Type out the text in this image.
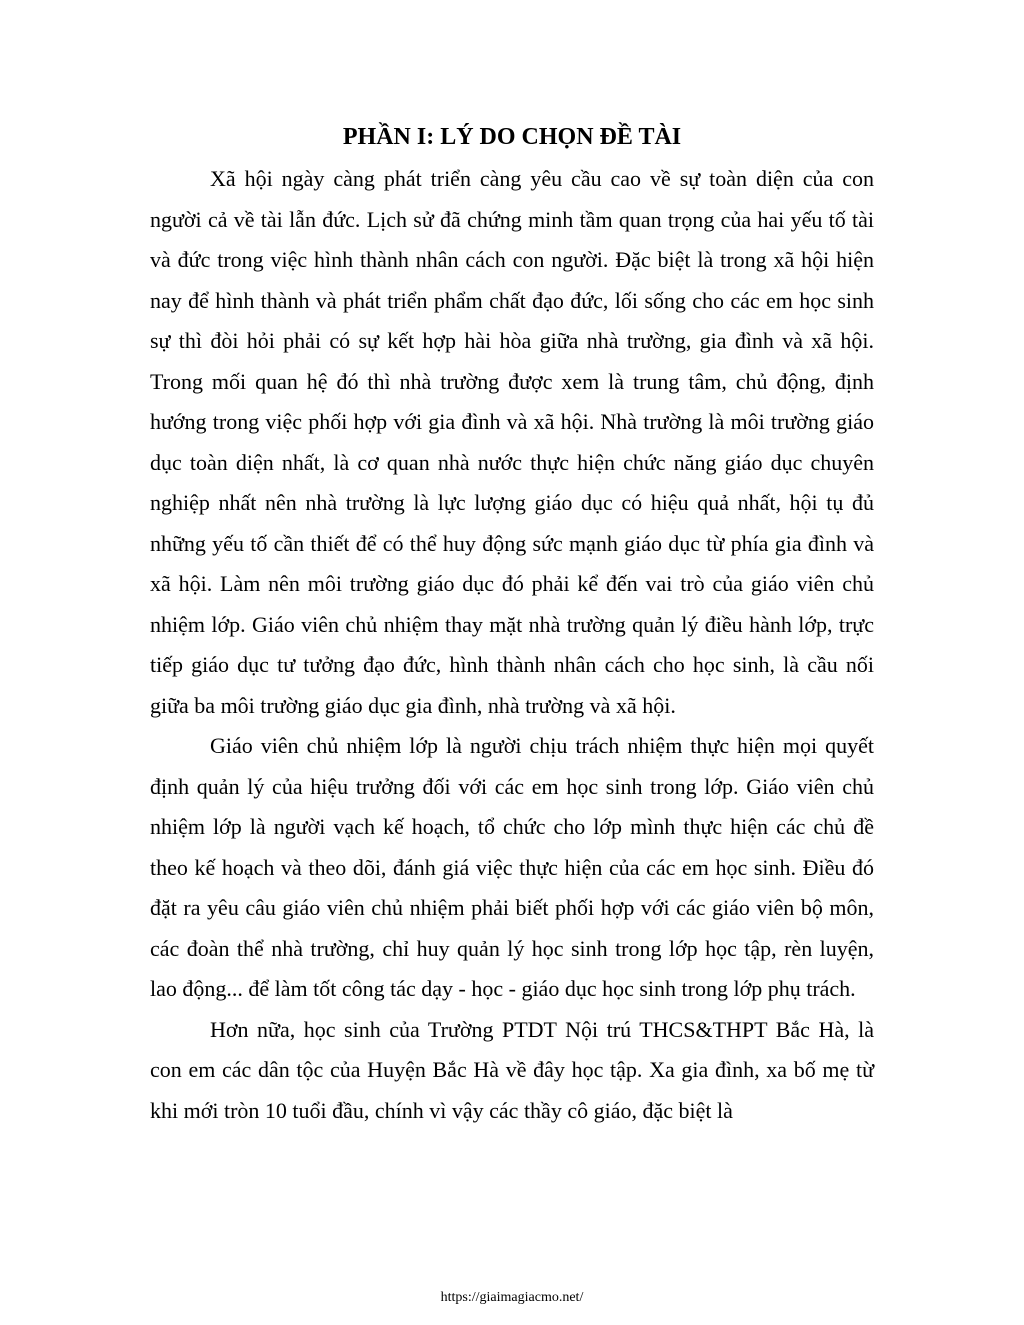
PHẦN I: LÝ DO CHỌN ĐỀ TÀI

Xã hội ngày càng phát triển càng yêu cầu cao về sự toàn diện của con người cả về tài lẫn đức. Lịch sử đã chứng minh tầm quan trọng của hai yếu tố tài và đức trong việc hình thành nhân cách con người. Đặc biệt là trong xã hội hiện nay để hình thành và phát triển phẩm chất đạo đức, lối sống cho các em học sinh sự thì đòi hỏi phải có sự kết hợp hài hòa giữa nhà trường, gia đình và xã hội. Trong mối quan hệ đó thì nhà trường được xem là trung tâm, chủ động, định hướng trong việc phối hợp với gia đình và xã hội. Nhà trường là môi trường giáo dục toàn diện nhất, là cơ quan nhà nước thực hiện chức năng giáo dục chuyên nghiệp nhất nên nhà trường là lực lượng giáo dục có hiệu quả nhất, hội tụ đủ những yếu tố cần thiết để có thể huy động sức mạnh giáo dục từ phía gia đình và xã hội. Làm nên môi trường giáo dục đó phải kể đến vai trò của giáo viên chủ nhiệm lớp. Giáo viên chủ nhiệm thay mặt nhà trường quản lý điều hành lớp, trực tiếp giáo dục tư tưởng đạo đức, hình thành nhân cách cho học sinh, là cầu nối giữa ba môi trường giáo dục gia đình, nhà trường và xã hội.

Giáo viên chủ nhiệm lớp là người chịu trách nhiệm thực hiện mọi quyết định quản lý của hiệu trưởng đối với các em học sinh trong lớp. Giáo viên chủ nhiệm lớp là người vạch kế hoạch, tổ chức cho lớp mình thực hiện các chủ đề theo kế hoạch và theo dõi, đánh giá việc thực hiện của các em học sinh. Điều đó đặt ra yêu câu giáo viên chủ nhiệm phải biết phối hợp với các giáo viên bộ môn, các đoàn thể nhà trường, chỉ huy quản lý học sinh trong lớp học tập, rèn luyện, lao động... để làm tốt công tác dạy - học - giáo dục học sinh trong lớp phụ trách.

Hơn nữa, học sinh của Trường PTDT Nội trú THCS&THPT Bắc Hà, là con em các dân tộc của Huyện Bắc Hà về đây học tập. Xa gia đình, xa bố mẹ từ khi mới tròn 10 tuổi đầu, chính vì vậy các thầy cô giáo, đặc biệt là

https://giaimagiacmo.net/
